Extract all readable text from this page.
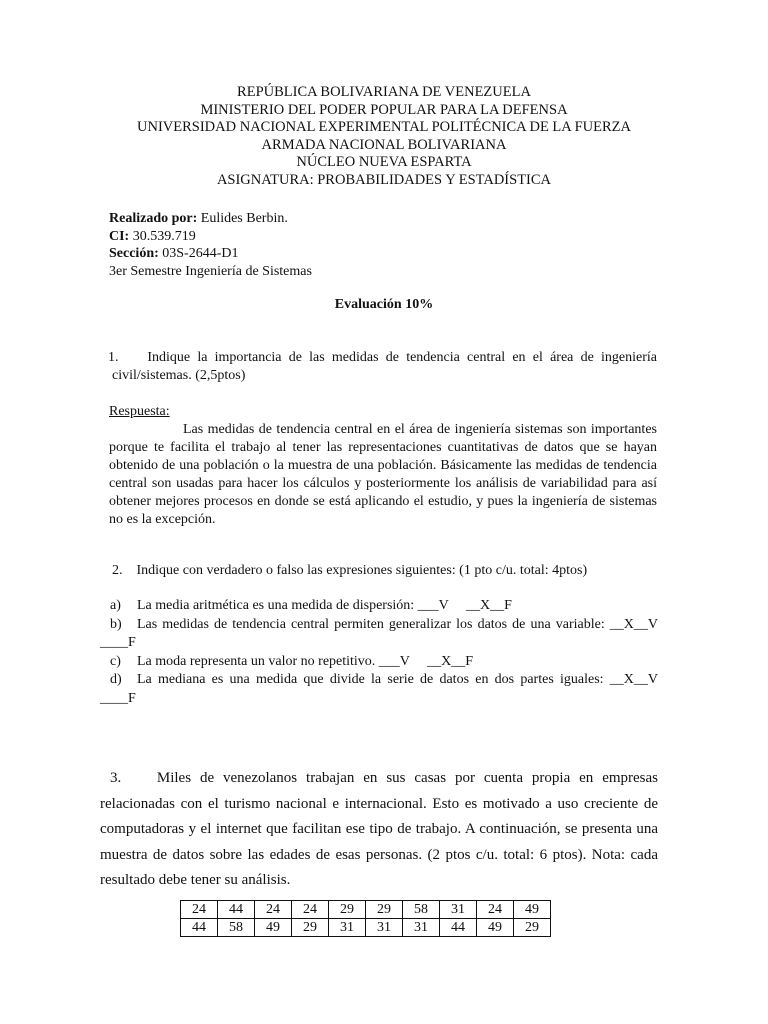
REPÚBLICA BOLIVARIANA DE VENEZUELA
MINISTERIO DEL PODER POPULAR PARA LA DEFENSA
UNIVERSIDAD NACIONAL EXPERIMENTAL POLITÉCNICA DE LA FUERZA
ARMADA NACIONAL BOLIVARIANA
NÚCLEO NUEVA ESPARTA
ASIGNATURA: PROBABILIDADES Y ESTADÍSTICA
Realizado por: Eulides Berbin.
CI: 30.539.719
Sección: 03S-2644-D1
3er Semestre Ingeniería de Sistemas
Evaluación 10%
1. Indique la importancia de las medidas de tendencia central en el área de ingeniería civil/sistemas. (2,5ptos)
Respuesta:
Las medidas de tendencia central en el área de ingeniería sistemas son importantes porque te facilita el trabajo al tener las representaciones cuantitativas de datos que se hayan obtenido de una población o la muestra de una población. Básicamente las medidas de tendencia central son usadas para hacer los cálculos y posteriormente los análisis de variabilidad para así obtener mejores procesos en donde se está aplicando el estudio, y pues la ingeniería de sistemas no es la excepción.
2. Indique con verdadero o falso las expresiones siguientes: (1 pto c/u. total: 4ptos)
a)	La media aritmética es una medida de dispersión: ___V     __X__F
b)	Las medidas de tendencia central permiten generalizar los datos de una variable: __X__V
____F
c)	La moda representa un valor no repetitivo. ___V     __X__F
d)	La mediana es una medida que divide la serie de datos en dos partes iguales: __X__V
____F
3. Miles de venezolanos trabajan en sus casas por cuenta propia en empresas relacionadas con el turismo nacional e internacional. Esto es motivado a uso creciente de computadoras y el internet que facilitan ese tipo de trabajo. A continuación, se presenta una muestra de datos sobre las edades de esas personas. (2 ptos c/u. total: 6 ptos). Nota: cada resultado debe tener su análisis.
24	44	24	24	29	29	58	31	24	49
44	58	49	29	31	31	31	44	49	29
